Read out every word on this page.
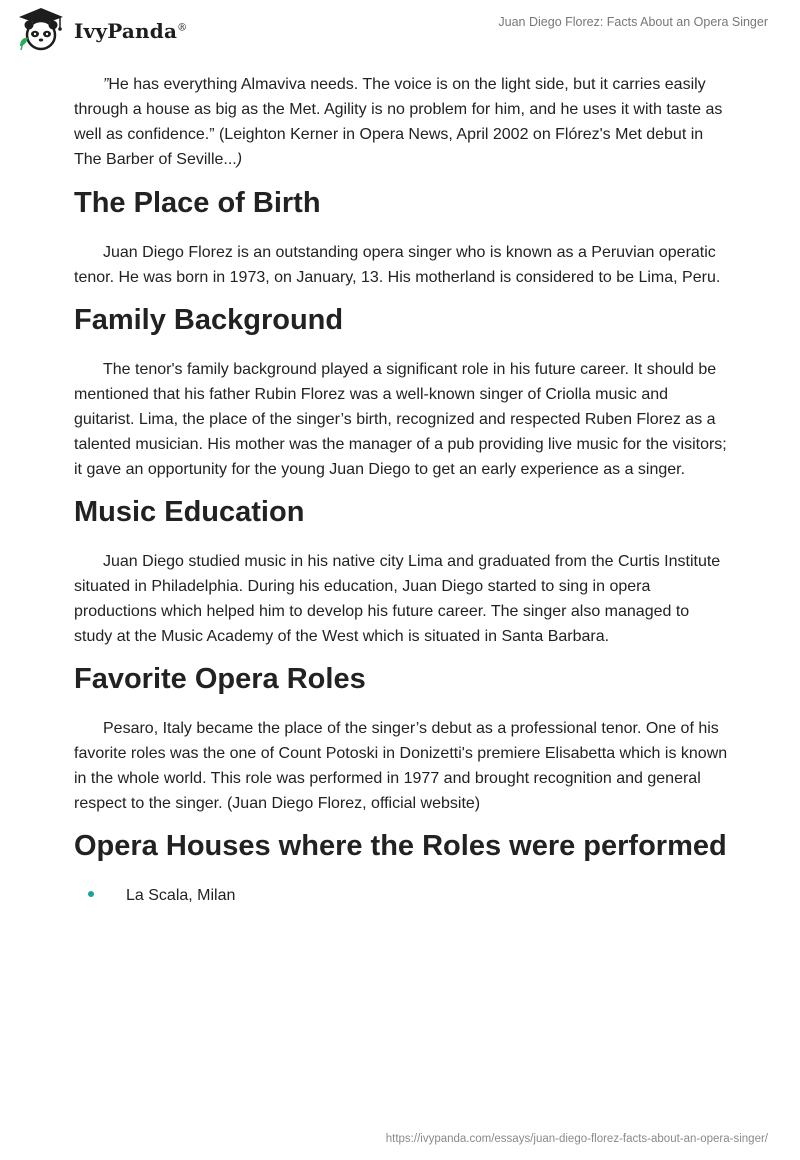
IvyPanda®	Juan Diego Florez: Facts About an Opera Singer

”He has everything Almaviva needs. The voice is on the light side, but it carries easily through a house as big as the Met. Agility is no problem for him, and he uses it with taste as well as confidence.” (Leighton Kerner in Opera News, April 2002 on Flórez's Met debut in The Barber of Seville...)

The Place of Birth

Juan Diego Florez is an outstanding opera singer who is known as a Peruvian operatic tenor. He was born in 1973, on January, 13. His motherland is considered to be Lima, Peru.

Family Background

The tenor's family background played a significant role in his future career. It should be mentioned that his father Rubin Florez was a well-known singer of Criolla music and guitarist. Lima, the place of the singer’s birth, recognized and respected Ruben Florez as a talented musician. His mother was the manager of a pub providing live music for the visitors; it gave an opportunity for the young Juan Diego to get an early experience as a singer.

Music Education

Juan Diego studied music in his native city Lima and graduated from the Curtis Institute situated in Philadelphia. During his education, Juan Diego started to sing in opera productions which helped him to develop his future career. The singer also managed to study at the Music Academy of the West which is situated in Santa Barbara.

Favorite Opera Roles

Pesaro, Italy became the place of the singer’s debut as a professional tenor. One of his favorite roles was the one of Count Potoski in Donizetti's premiere Elisabetta which is known in the whole world. This role was performed in 1977 and brought recognition and general respect to the singer. (Juan Diego Florez, official website)

Opera Houses where the Roles were performed
La Scala, Milan
https://ivypanda.com/essays/juan-diego-florez-facts-about-an-opera-singer/
